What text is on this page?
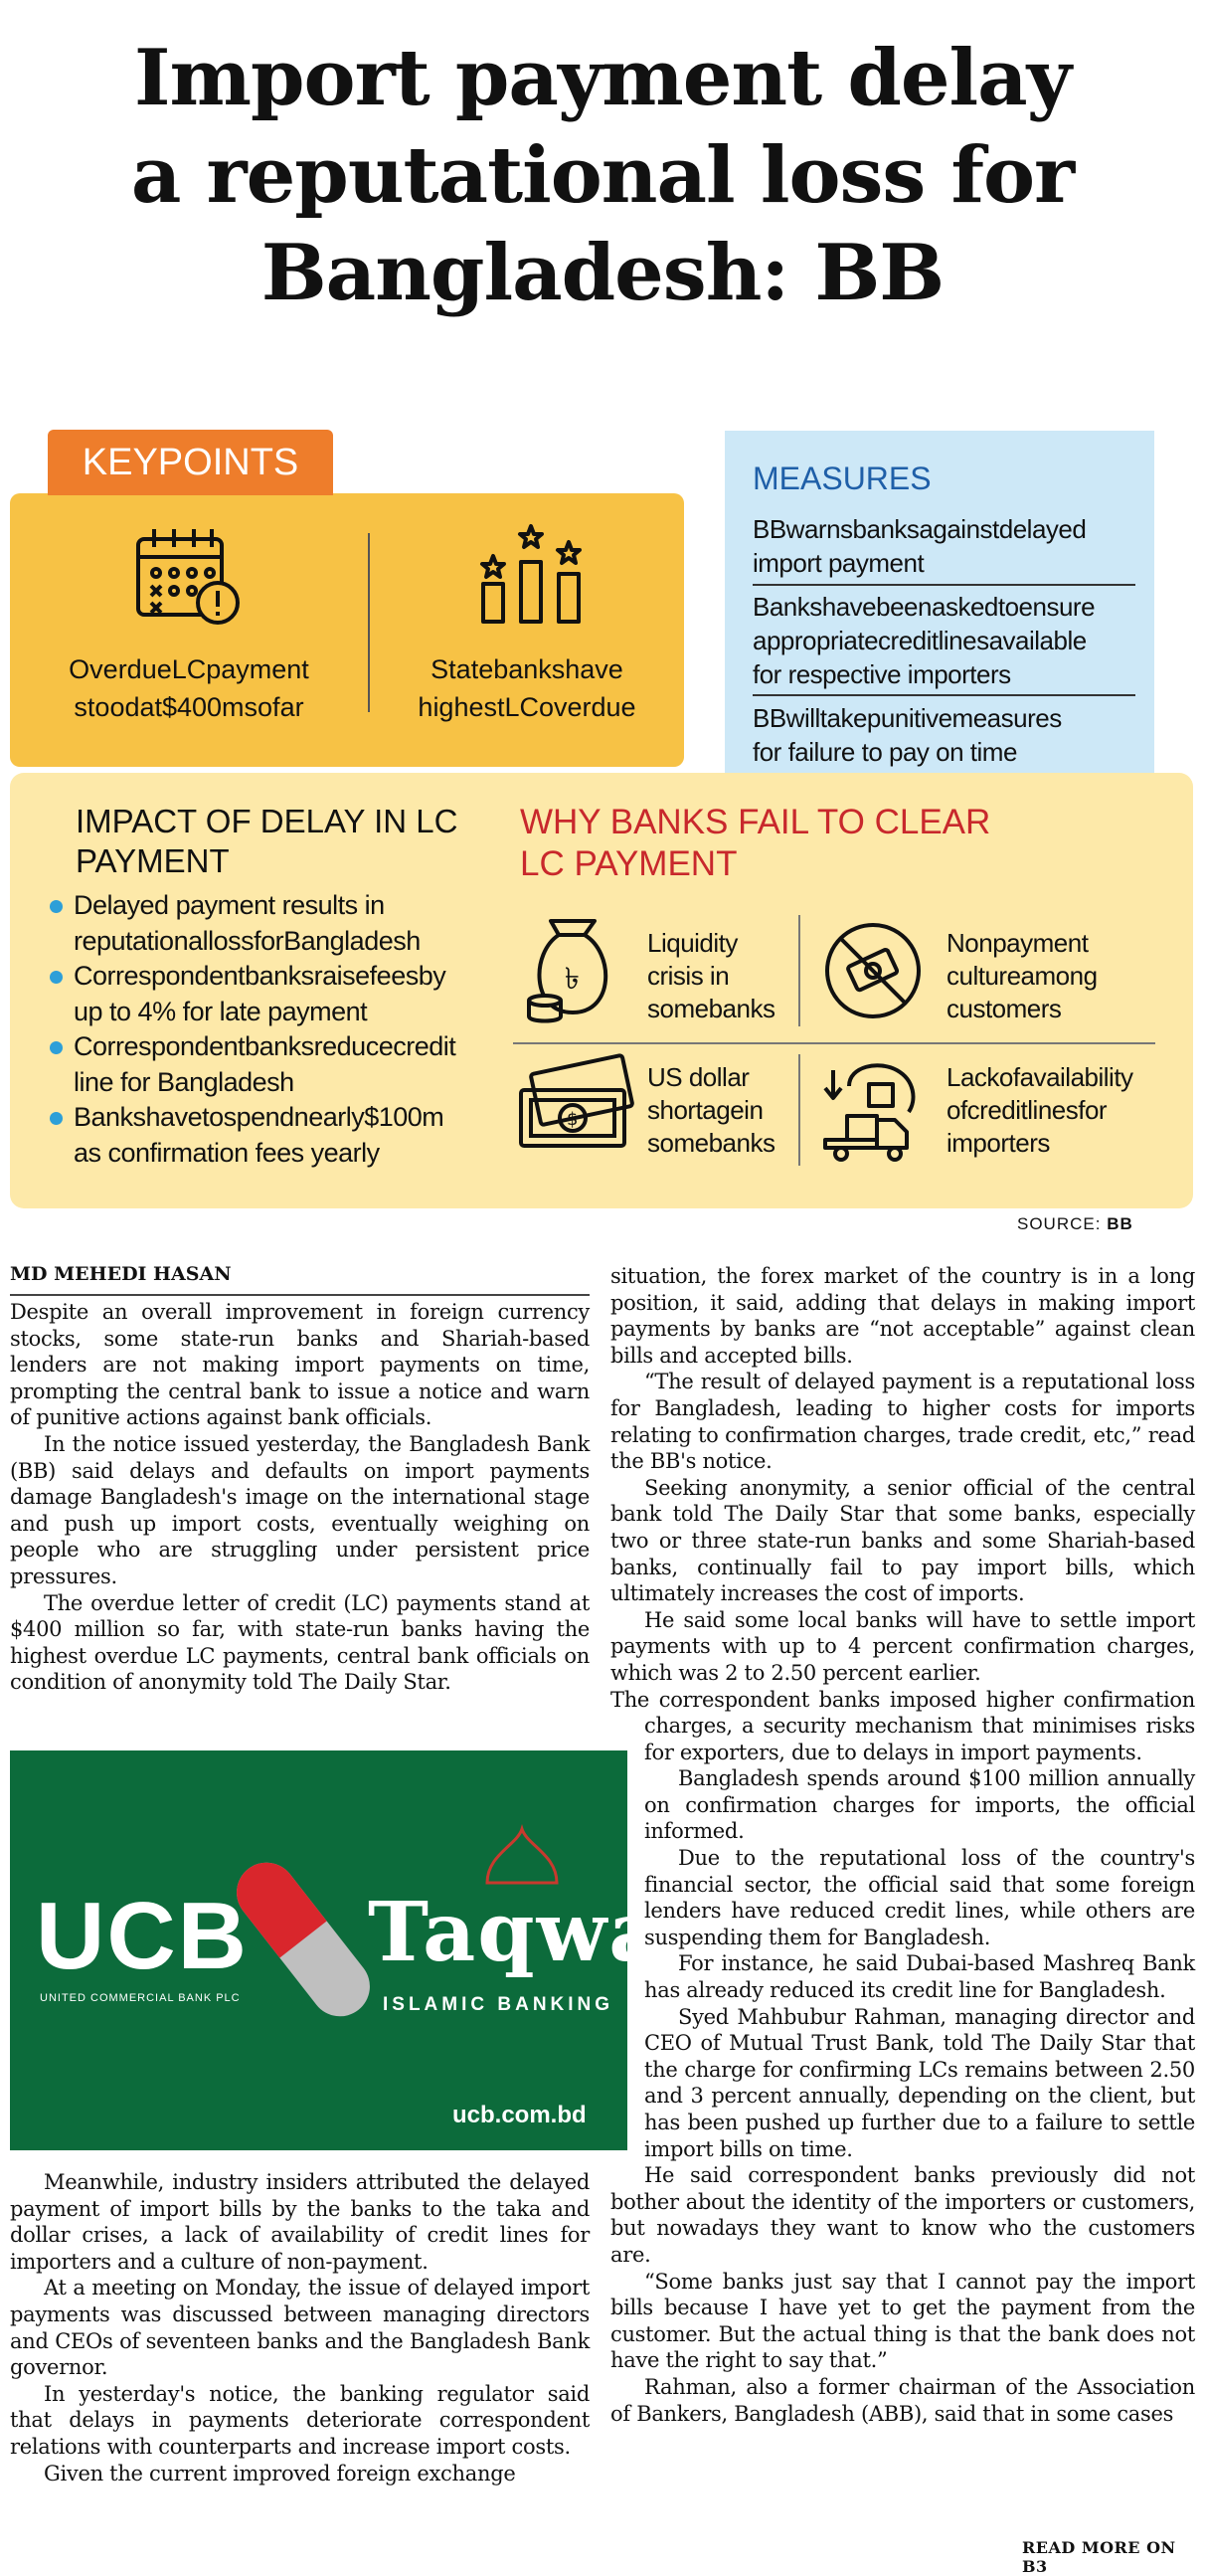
Import payment delay
a reputational loss for
Bangladesh: BB
KEYPOINTS
OverdueLCpayment
stoodat$400msofar
Statebankshave
highestLCoverdue
MEASURES
BBwarnsbanksagainstdelayed
import payment
Bankshavebeenaskedtoensure
appropriatecreditlinesavailable
for respective importers
BBwilltakepunitivemeasures
for failure to pay on time
IMPACT OF DELAY IN LC
PAYMENT
Delayed payment results in
reputationallossforBangladesh
Correspondentbanksraisefeesby
up to 4% for late payment
Correspondentbanksreducecredit
line for Bangladesh
Bankshavetospendnearly$100m
as confirmation fees yearly
WHY BANKS FAIL TO CLEAR
LC PAYMENT
৳
Liquidity
crisis in
somebanks
Nonpayment
cultureamong
customers
$
US dollar
shortagein
somebanks
Lackofavailability
ofcreditlinesfor
importers
SOURCE: BB
MD MEHEDI HASAN

Despite an overall improvement in foreign currency stocks, some state-run banks and Shariah-based lenders are not making import payments on time, prompting the central bank to issue a notice and warn of punitive actions against bank officials.

In the notice issued yesterday, the Bangladesh Bank (BB) said delays and defaults on import payments damage Bangladesh's image on the international stage and push up import costs, eventually weighing on people who are struggling under persistent price pressures.

The overdue letter of credit (LC) payments stand at $400 million so far, with state-run banks having the highest overdue LC payments, central bank officials on condition of anonymity told The Daily Star.

UCB
UNITED COMMERCIAL BANK PLC
Taqwa
ISLAMIC BANKING
ucb.com.bd

Meanwhile, industry insiders attributed the delayed payment of import bills by the banks to the taka and dollar crises, a lack of availability of credit lines for importers and a culture of non-payment.

At a meeting on Monday, the issue of delayed import payments was discussed between managing directors and CEOs of seventeen banks and the Bangladesh Bank governor.

In yesterday's notice, the banking regulator said that delays in payments deteriorate correspondent relations with counterparts and increase import costs.

Given the current improved foreign exchange

situation, the forex market of the country is in a long position, it said, adding that delays in making import payments by banks are “not acceptable” against clean bills and accepted bills.

“The result of delayed payment is a reputational loss for Bangladesh, leading to higher costs for imports relating to confirmation charges, trade credit, etc,” read the BB's notice.

Seeking anonymity, a senior official of the central bank told The Daily Star that some banks, especially two or three state-run banks and some Shariah-based banks, continually fail to pay import bills, which ultimately increases the cost of imports.

He said some local banks will have to settle import payments with up to 4 percent confirmation charges, which was 2 to 2.50 percent earlier.

The correspondent banks imposed higher confirmation charges, a security mechanism that minimises risks for exporters, due to delays in import payments.

Bangladesh spends around $100 million annually on confirmation charges for imports, the official informed.

Due to the reputational loss of the country's financial sector, the official said that some foreign lenders have reduced credit lines, while others are suspending them for Bangladesh.

For instance, he said Dubai-based Mashreq Bank has already reduced its credit line for Bangladesh.

Syed Mahbubur Rahman, managing director and CEO of Mutual Trust Bank, told The Daily Star that the charge for confirming LCs remains between 2.50 and 3 percent annually, depending on the client, but has been pushed up further due to a failure to settle import bills on time.

He said correspondent banks previously did not bother about the identity of the importers or customers, but nowadays they want to know who the customers are.

“Some banks just say that I cannot pay the import bills because I have yet to get the payment from the customer. But the actual thing is that the bank does not have the right to say that.”

Rahman, also a former chairman of the Association of Bankers, Bangladesh (ABB), said that in some cases

READ MORE ON B3
